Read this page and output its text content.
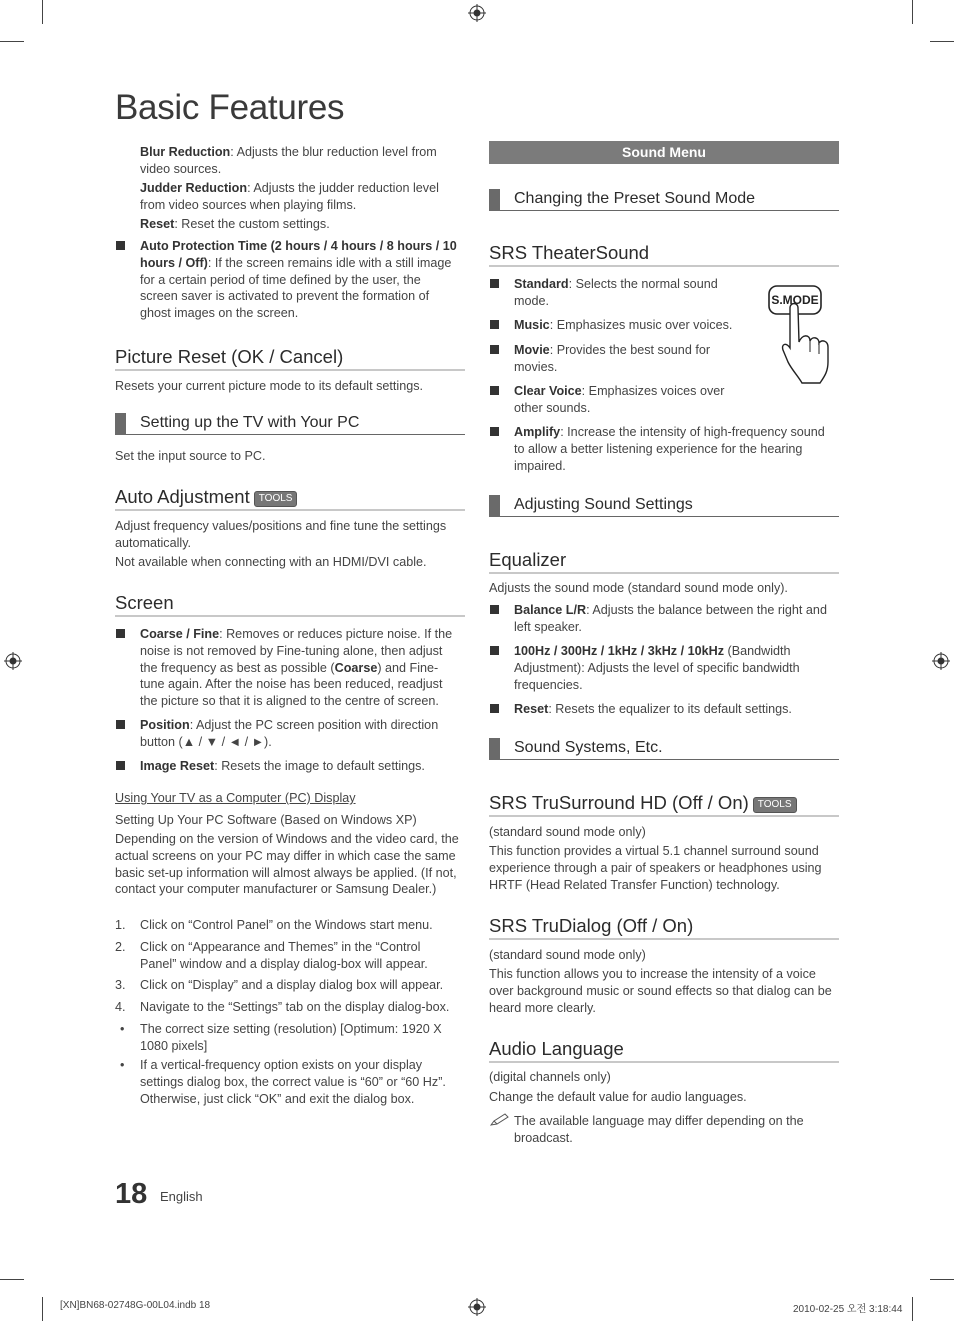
Basic Features

Blur Reduction: Adjusts the blur reduction level from video sources.

Judder Reduction: Adjusts the judder reduction level from video sources when playing films.

Reset: Reset the custom settings.

Auto Protection Time (2 hours / 4 hours / 8 hours / 10 hours / Off): If the screen remains idle with a still image for a certain period of time defined by the user, the screen saver is activated to prevent the formation of ghost images on the screen.

Picture Reset (OK / Cancel)
Resets your current picture mode to its default settings.
Setting up the TV with Your PC
Set the input source to PC.
Auto Adjustment TOOLS
Adjust frequency values/positions and fine tune the settings automatically.
Not available when connecting with an HDMI/DVI cable.
Screen

Coarse / Fine: Removes or reduces picture noise. If the noise is not removed by Fine-tuning alone, then adjust the frequency as best as possible (Coarse) and Fine-tune again. After the noise has been reduced, readjust the picture so that it is aligned to the centre of screen.

Position: Adjust the PC screen position with direction button (▲ / ▼ / ◄ / ►).

Image Reset: Resets the image to default settings.

Using Your TV as a Computer (PC) Display
Setting Up Your PC Software (Based on Windows XP)
Depending on the version of Windows and the video card, the actual screens on your PC may differ in which case the same basic set-up information will almost always be applied. (If not, contact your computer manufacturer or Samsung Dealer.)
1.	Click on “Control Panel” on the Windows start menu.
2.	Click on “Appearance and Themes” in the “Control Panel” window and a display dialog-box will appear.
3.	Click on “Display” and a display dialog box will appear.
4.	Navigate to the “Settings” tab on the display dialog-box.
• The correct size setting (resolution) [Optimum: 1920 X 1080 pixels]
• If a vertical-frequency option exists on your display settings dialog box, the correct value is “60” or “60 Hz”. Otherwise, just click “OK” and exit the dialog box.
Sound Menu
Changing the Preset Sound Mode
SRS TheaterSound
S.MODE
Standard: Selects the normal sound mode.
Music: Emphasizes music over voices.
Movie: Provides the best sound for movies.
Clear Voice: Emphasizes voices over other sounds.
Amplify: Increase the intensity of high-frequency sound to allow a better listening experience for the hearing impaired.
Adjusting Sound Settings
Equalizer
Adjusts the sound mode (standard sound mode only).
Balance L/R: Adjusts the balance between the right and left speaker.
100Hz / 300Hz / 1kHz / 3kHz / 10kHz (Bandwidth Adjustment): Adjusts the level of specific bandwidth frequencies.
Reset: Resets the equalizer to its default settings.
Sound Systems, Etc.
SRS TruSurround HD (Off / On) TOOLS
(standard sound mode only)
This function provides a virtual 5.1 channel surround sound experience through a pair of speakers or headphones using HRTF (Head Related Transfer Function) technology.
SRS TruDialog (Off / On)
(standard sound mode only)
This function allows you to increase the intensity of a voice over background music or sound effects so that dialog can be heard more clearly.
Audio Language
(digital channels only)
Change the default value for audio languages.
The available language may differ depending on the broadcast.
18 English
[XN]BN68-02748G-00L04.indb 18	2010-02-25 오전 3:18:44
